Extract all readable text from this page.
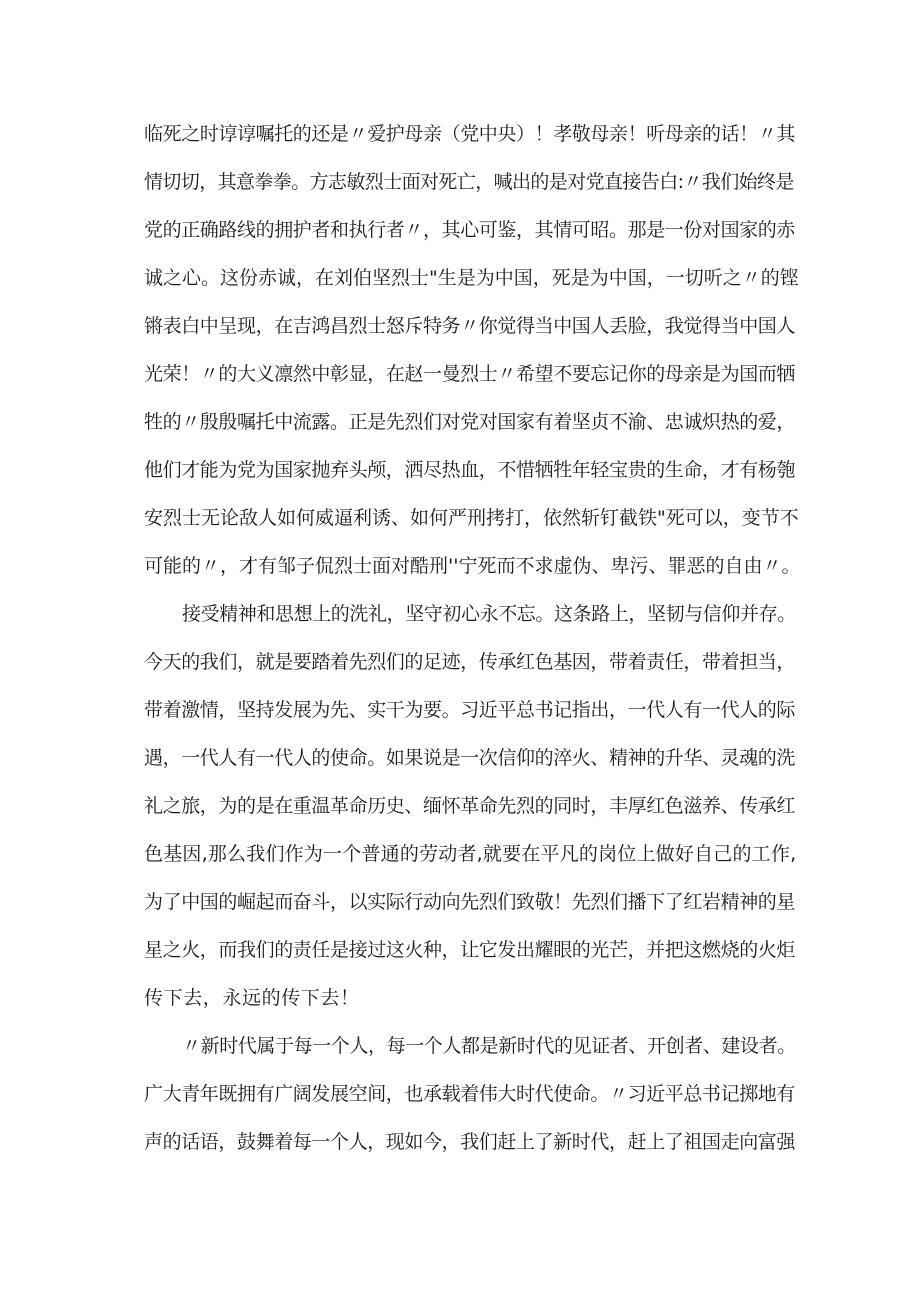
临死之时谆谆嘱托的还是〃爱护母亲（党中央）！孝敬母亲！听母亲的话！〃其
情切切，其意拳拳。方志敏烈士面对死亡，喊出的是对党直接告白:〃我们始终是
党的正确路线的拥护者和执行者〃，其心可鉴，其情可昭。那是一份对国家的赤
诚之心。这份赤诚，在刘伯坚烈士"生是为中国，死是为中国，一切听之〃的铿
锵表白中呈现，在吉鸿昌烈士怒斥特务〃你觉得当中国人丢脸，我觉得当中国人
光荣！〃的大义凛然中彰显，在赵一曼烈士〃希望不要忘记你的母亲是为国而牺
牲的〃殷殷嘱托中流露。正是先烈们对党对国家有着坚贞不渝、忠诚炽热的爱，
他们才能为党为国家抛弃头颅，洒尽热血，不惜牺牲年轻宝贵的生命，才有杨匏
安烈士无论敌人如何威逼利诱、如何严刑拷打，依然斩钉截铁"死可以，变节不
可能的〃，才有邹子侃烈士面对酷刑''宁死而不求虚伪、卑污、罪恶的自由〃。
接受精神和思想上的洗礼，坚守初心永不忘。这条路上，坚韧与信仰并存。
今天的我们，就是要踏着先烈们的足迹，传承红色基因，带着责任，带着担当，
带着激情，坚持发展为先、实干为要。习近平总书记指出，一代人有一代人的际
遇，一代人有一代人的使命。如果说是一次信仰的淬火、精神的升华、灵魂的洗
礼之旅，为的是在重温革命历史、缅怀革命先烈的同时，丰厚红色滋养、传承红
色基因,那么我们作为一个普通的劳动者,就要在平凡的岗位上做好自己的工作,
为了中国的崛起而奋斗，以实际行动向先烈们致敬！先烈们播下了红岩精神的星
星之火，而我们的责任是接过这火种，让它发出耀眼的光芒，并把这燃烧的火炬
传下去，永远的传下去！
〃新时代属于每一个人，每一个人都是新时代的见证者、开创者、建设者。
广大青年既拥有广阔发展空间，也承载着伟大时代使命。〃习近平总书记掷地有
声的话语，鼓舞着每一个人，现如今，我们赶上了新时代，赶上了祖国走向富强
